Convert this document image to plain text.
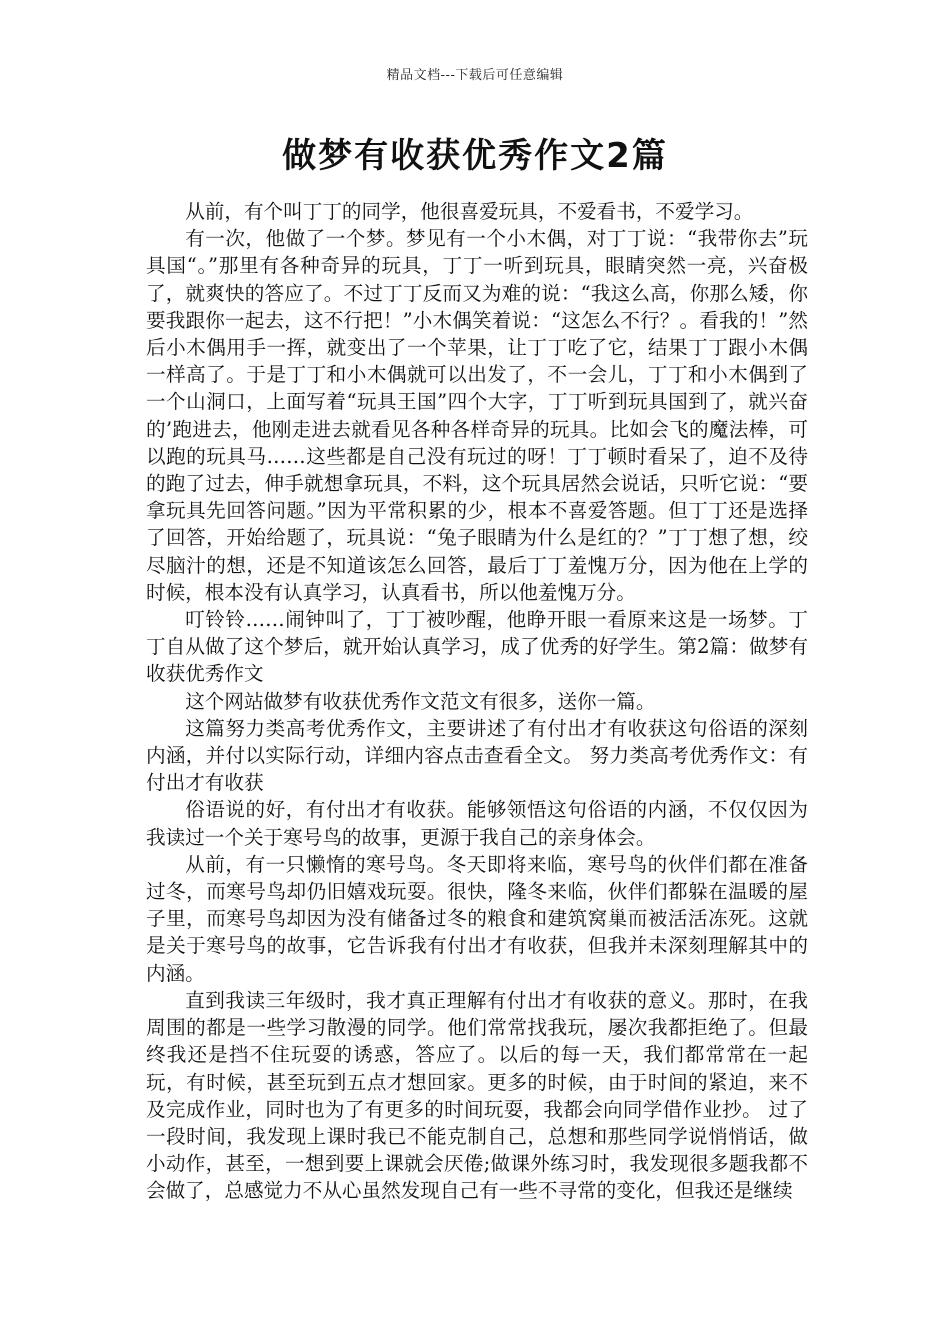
精品文档---下载后可任意编辑
做梦有收获优秀作文2篇

从前，有个叫丁丁的同学，他很喜爱玩具，不爱看书，不爱学习。

有一次，他做了一个梦。梦见有一个小木偶，对丁丁说：“我带你去”玩具国“。”那里有各种奇异的玩具，丁丁一听到玩具，眼睛突然一亮，兴奋极了，就爽快的答应了。不过丁丁反而又为难的说：“我这么高，你那么矮，你要我跟你一起去，这不行把！”小木偶笑着说：“这怎么不行？。看我的！”然后小木偶用手一挥，就变出了一个苹果，让丁丁吃了它，结果丁丁跟小木偶一样高了。于是丁丁和小木偶就可以出发了，不一会儿，丁丁和小木偶到了一个山洞口，上面写着“玩具王国”四个大字，丁丁听到玩具国到了，就兴奋的’跑进去，他刚走进去就看见各种各样奇异的玩具。比如会飞的魔法棒，可以跑的玩具马……这些都是自己没有玩过的呀！丁丁顿时看呆了，迫不及待的跑了过去，伸手就想拿玩具，不料，这个玩具居然会说话，只听它说：“要拿玩具先回答问题。”因为平常积累的少，根本不喜爱答题。但丁丁还是选择了回答，开始给题了，玩具说：“兔子眼睛为什么是红的？”丁丁想了想，绞尽脑汁的想，还是不知道该怎么回答，最后丁丁羞愧万分，因为他在上学的时候，根本没有认真学习，认真看书，所以他羞愧万分。

叮铃铃……闹钟叫了，丁丁被吵醒，他睁开眼一看原来这是一场梦。丁丁自从做了这个梦后，就开始认真学习，成了优秀的好学生。第2篇：做梦有收获优秀作文

这个网站做梦有收获优秀作文范文有很多，送你一篇。

这篇努力类高考优秀作文，主要讲述了有付出才有收获这句俗语的深刻内涵，并付以实际行动，详细内容点击查看全文。 努力类高考优秀作文：有付出才有收获

俗语说的好，有付出才有收获。能够领悟这句俗语的内涵，不仅仅因为我读过一个关于寒号鸟的故事，更源于我自己的亲身体会。

从前，有一只懒惰的寒号鸟。冬天即将来临，寒号鸟的伙伴们都在准备过冬，而寒号鸟却仍旧嬉戏玩耍。很快，隆冬来临，伙伴们都躲在温暖的屋子里，而寒号鸟却因为没有储备过冬的粮食和建筑窝巢而被活活冻死。这就是关于寒号鸟的故事，它告诉我有付出才有收获，但我并未深刻理解其中的内涵。

直到我读三年级时，我才真正理解有付出才有收获的意义。那时，在我周围的都是一些学习散漫的同学。他们常常找我玩，屡次我都拒绝了。但最终我还是挡不住玩耍的诱惑，答应了。以后的每一天，我们都常常在一起玩，有时候，甚至玩到五点才想回家。更多的时候，由于时间的紧迫，来不及完成作业，同时也为了有更多的时间玩耍，我都会向同学借作业抄。 过了一段时间，我发现上课时我已不能克制自己，总想和那些同学说悄悄话，做小动作，甚至，一想到要上课就会厌倦;做课外练习时，我发现很多题我都不会做了，总感觉力不从心虽然发现自己有一些不寻常的变化，但我还是继续
